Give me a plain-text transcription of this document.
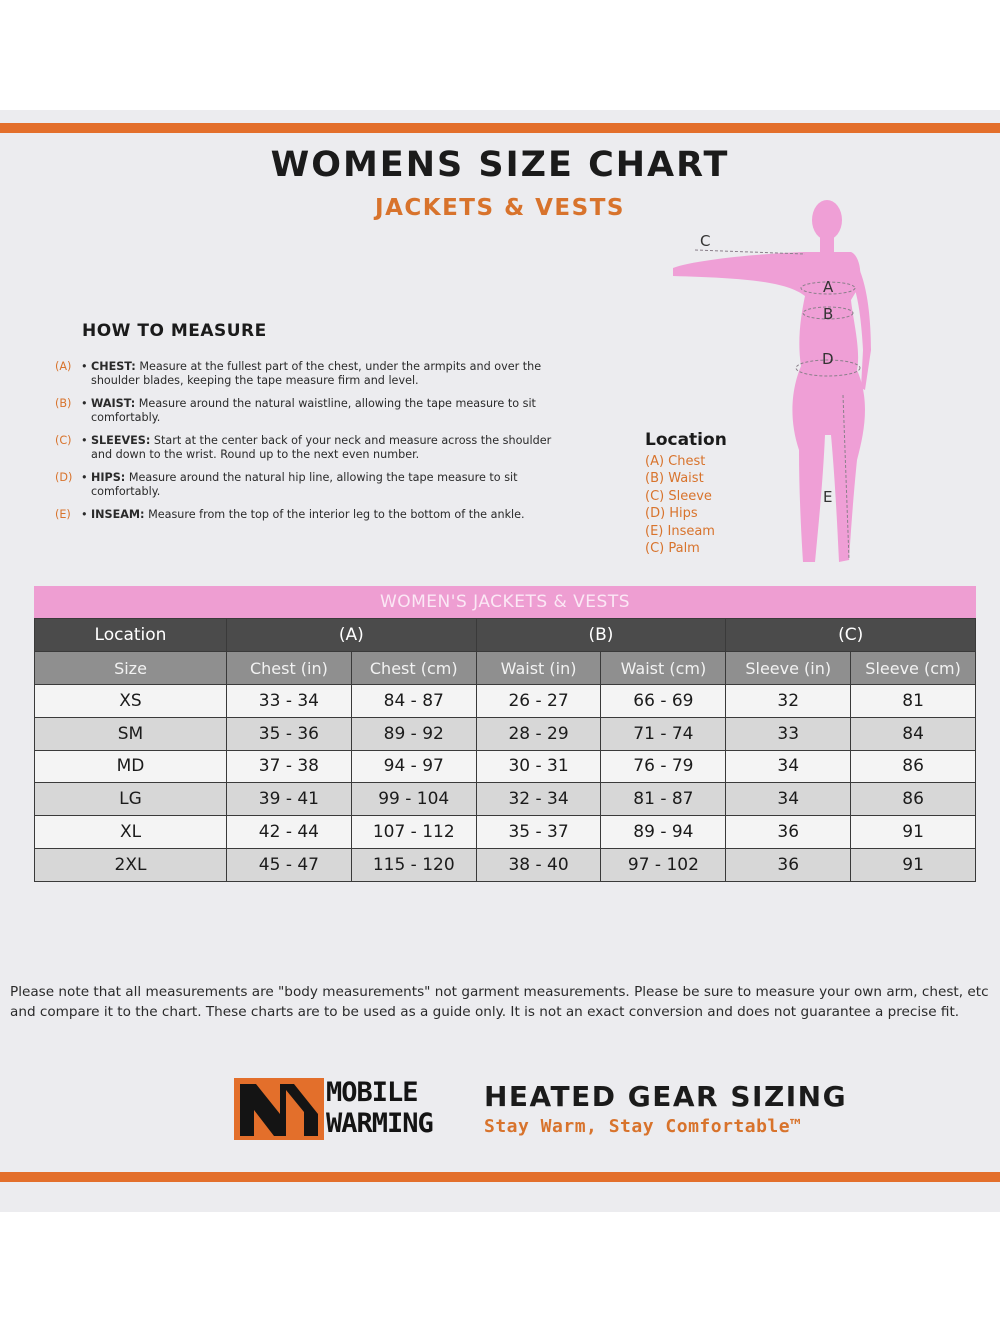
WOMENS SIZE CHART
JACKETS & VESTS
C
A
B
D
E
HOW TO MEASURE
(A) • CHEST: Measure at the fullest part of the chest, under the armpits and over the shoulder blades, keeping the tape measure firm and level.
(B) • WAIST: Measure around the natural waistline, allowing the tape measure to sit comfortably.
(C) • SLEEVES: Start at the center back of your neck and measure across the shoulder and down to the wrist. Round up to the next even number.
(D) • HIPS: Measure around the natural hip line, allowing the tape measure to sit comfortably.
(E) • INSEAM: Measure from the top of the interior leg to the bottom of the ankle.
Location
(A) Chest
(B) Waist
(C) Sleeve
(D) Hips
(E) Inseam
(C) Palm
WOMEN'S JACKETS & VESTS
Location	(A)		(B)		(C)	
Size	Chest (in)	Chest (cm)	Waist (in)	Waist (cm)	Sleeve (in)	Sleeve (cm)
XS	33 - 34	84 - 87	26 - 27	66 - 69	32	81
SM	35 - 36	89 - 92	28 - 29	71 - 74	33	84
MD	37 - 38	94 - 97	30 - 31	76 - 79	34	86
LG	39 - 41	99 - 104	32 - 34	81 - 87	34	86
XL	42 - 44	107 - 112	35 - 37	89 - 94	36	91
2XL	45 - 47	115 - 120	38 - 40	97 - 102	36	91

Please note that all measurements are "body measurements" not garment measurements. Please be sure to measure your own arm, chest, etc and compare it to the chart. These charts are to be used as a guide only. It is not an exact conversion and does not guarantee a precise fit.

MOBILE
WARMING
HEATED GEAR SIZING
Stay Warm, Stay Comfortable™
